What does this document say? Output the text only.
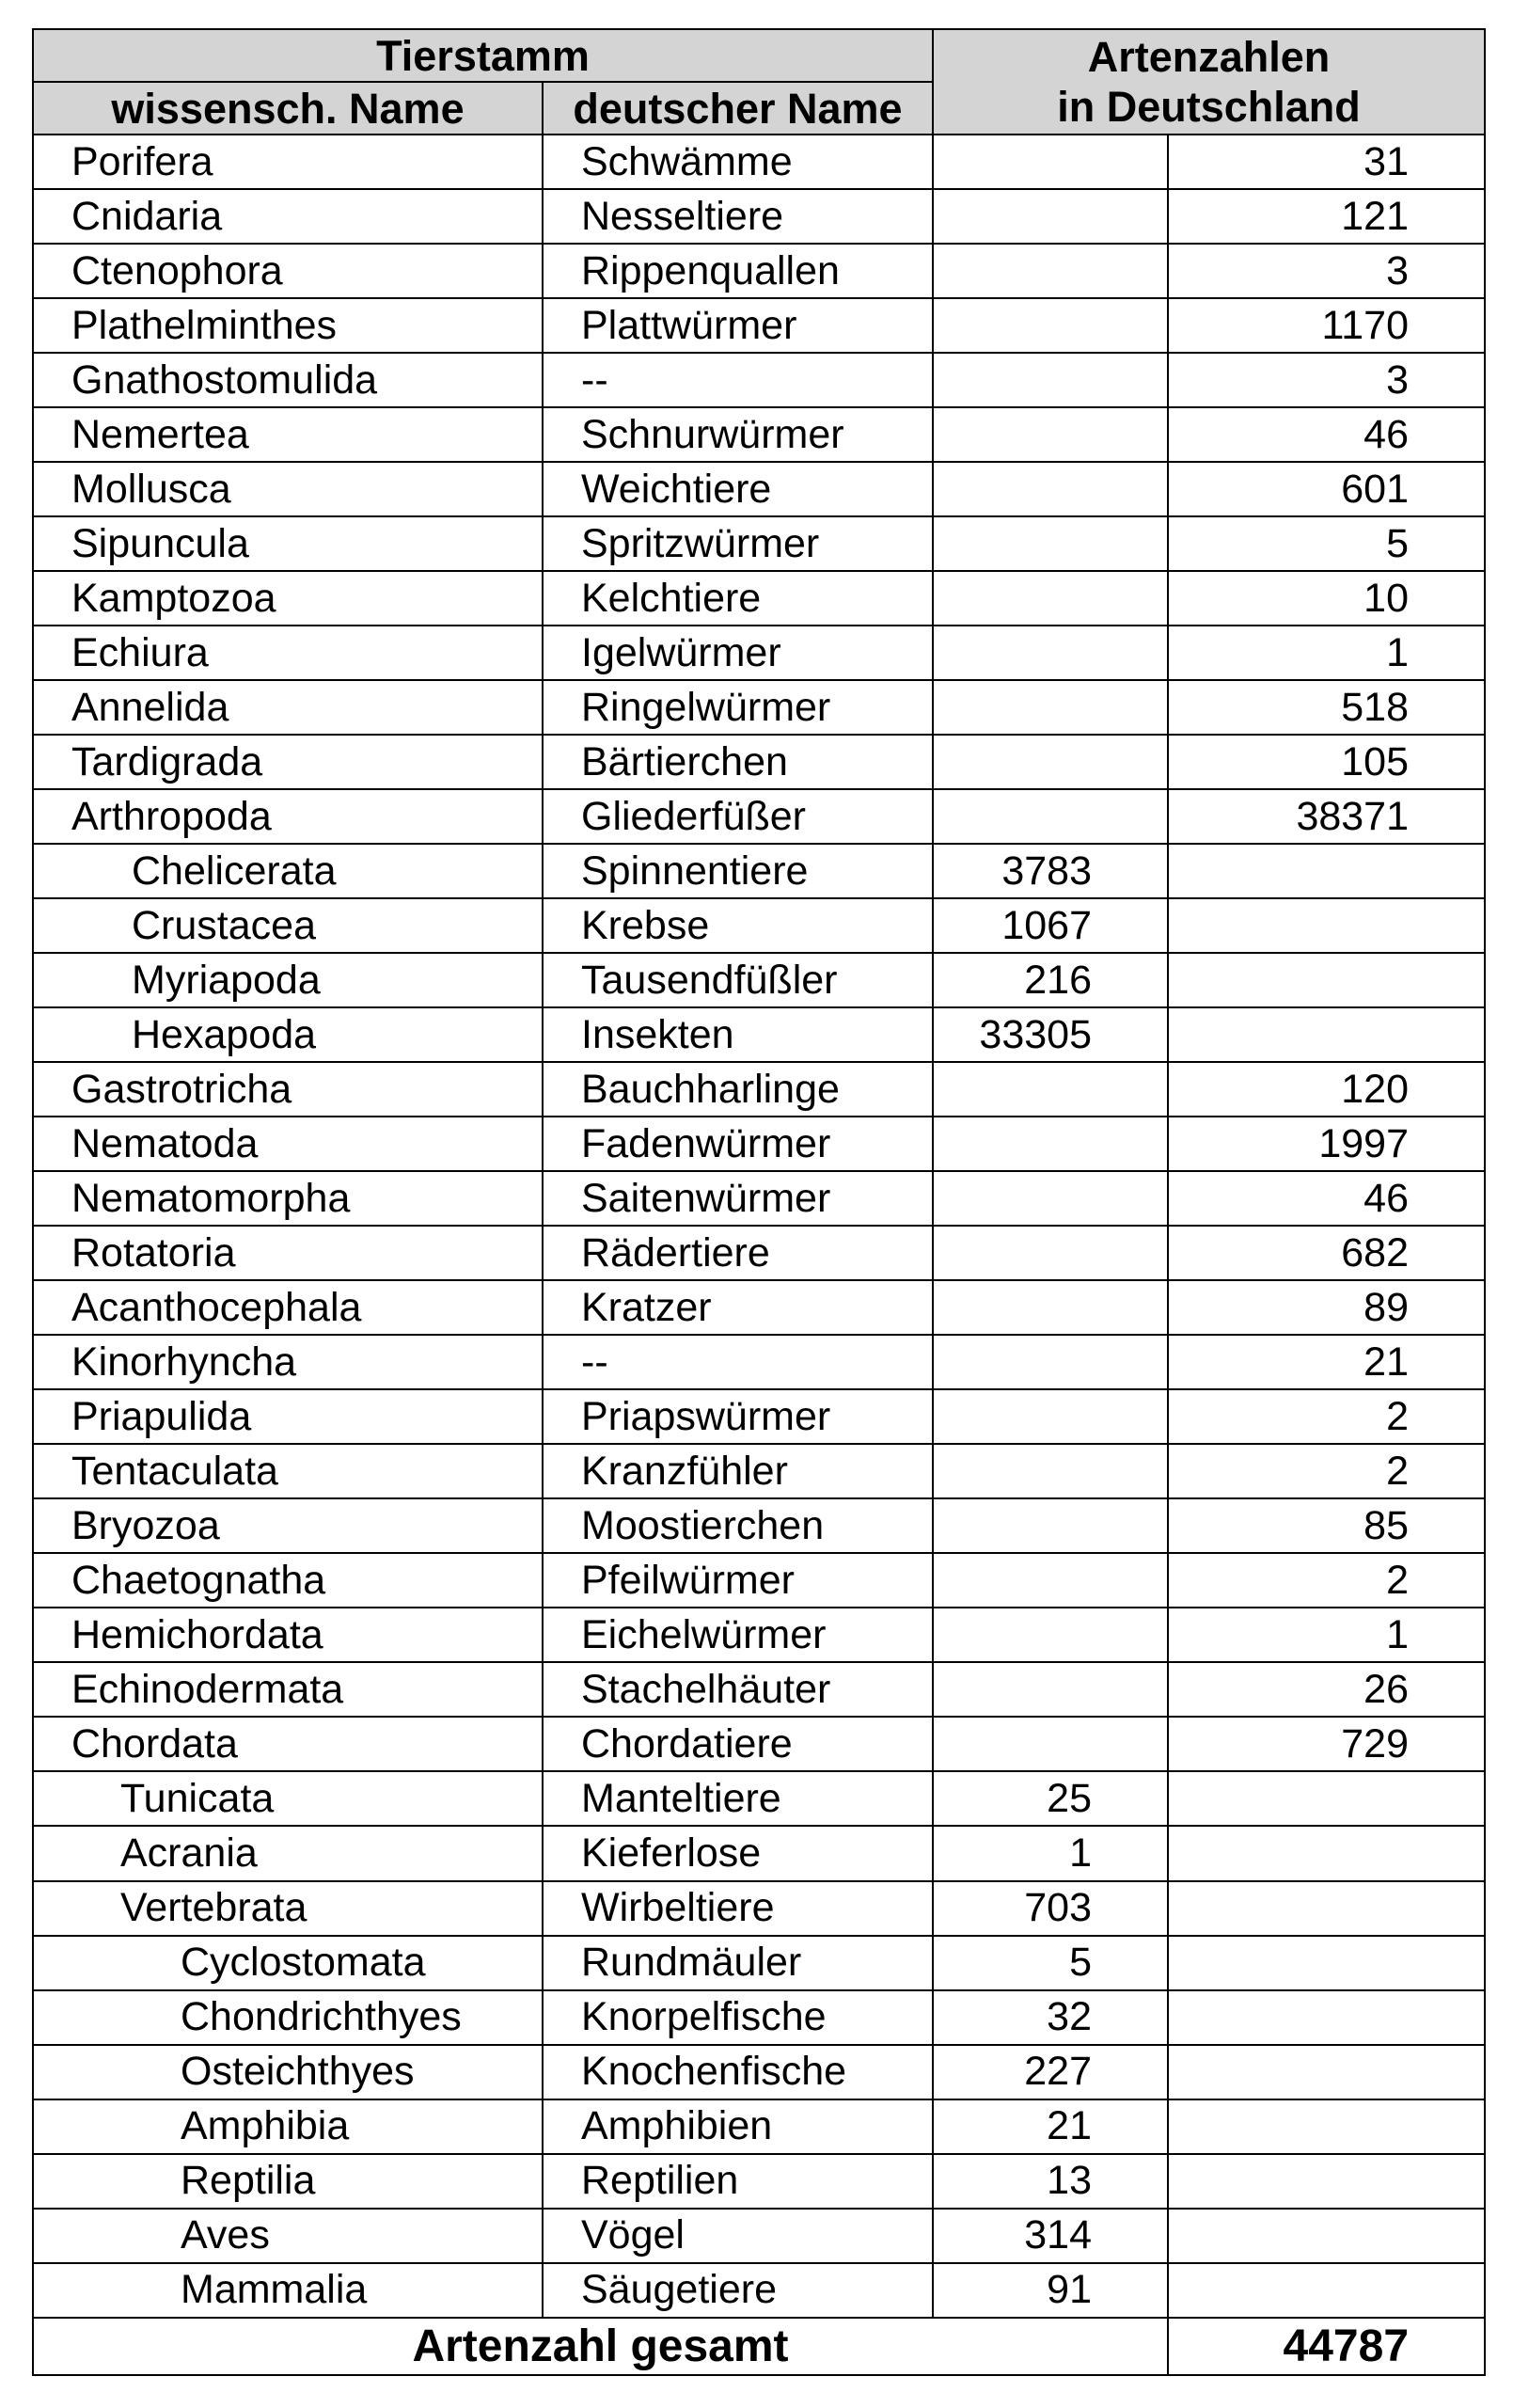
Tierstamm		Artenzahlen
in Deutschland	
wissensch. Name	deutscher Name		
Porifera	Schwämme		31
Cnidaria	Nesseltiere		121
Ctenophora	Rippenquallen		3
Plathelminthes	Plattwürmer		1170
Gnathostomulida	--		3
Nemertea	Schnurwürmer		46
Mollusca	Weichtiere		601
Sipuncula	Spritzwürmer		5
Kamptozoa	Kelchtiere		10
Echiura	Igelwürmer		1
Annelida	Ringelwürmer		518
Tardigrada	Bärtierchen		105
Arthropoda	Gliederfüßer		38371
Chelicerata	Spinnentiere	3783	
Crustacea	Krebse	1067	
Myriapoda	Tausendfüßler	216	
Hexapoda	Insekten	33305	
Gastrotricha	Bauchharlinge		120
Nematoda	Fadenwürmer		1997
Nematomorpha	Saitenwürmer		46
Rotatoria	Rädertiere		682
Acanthocephala	Kratzer		89
Kinorhyncha	--		21
Priapulida	Priapswürmer		2
Tentaculata	Kranzfühler		2
Bryozoa	Moostierchen		85
Chaetognatha	Pfeilwürmer		2
Hemichordata	Eichelwürmer		1
Echinodermata	Stachelhäuter		26
Chordata	Chordatiere		729
Tunicata	Manteltiere	25	
Acrania	Kieferlose	1	
Vertebrata	Wirbeltiere	703	
Cyclostomata	Rundmäuler	5	
Chondrichthyes	Knorpelfische	32	
Osteichthyes	Knochenfische	227	
Amphibia	Amphibien	21	
Reptilia	Reptilien	13	
Aves	Vögel	314	
Mammalia	Säugetiere	91	
Artenzahl gesamt			44787
